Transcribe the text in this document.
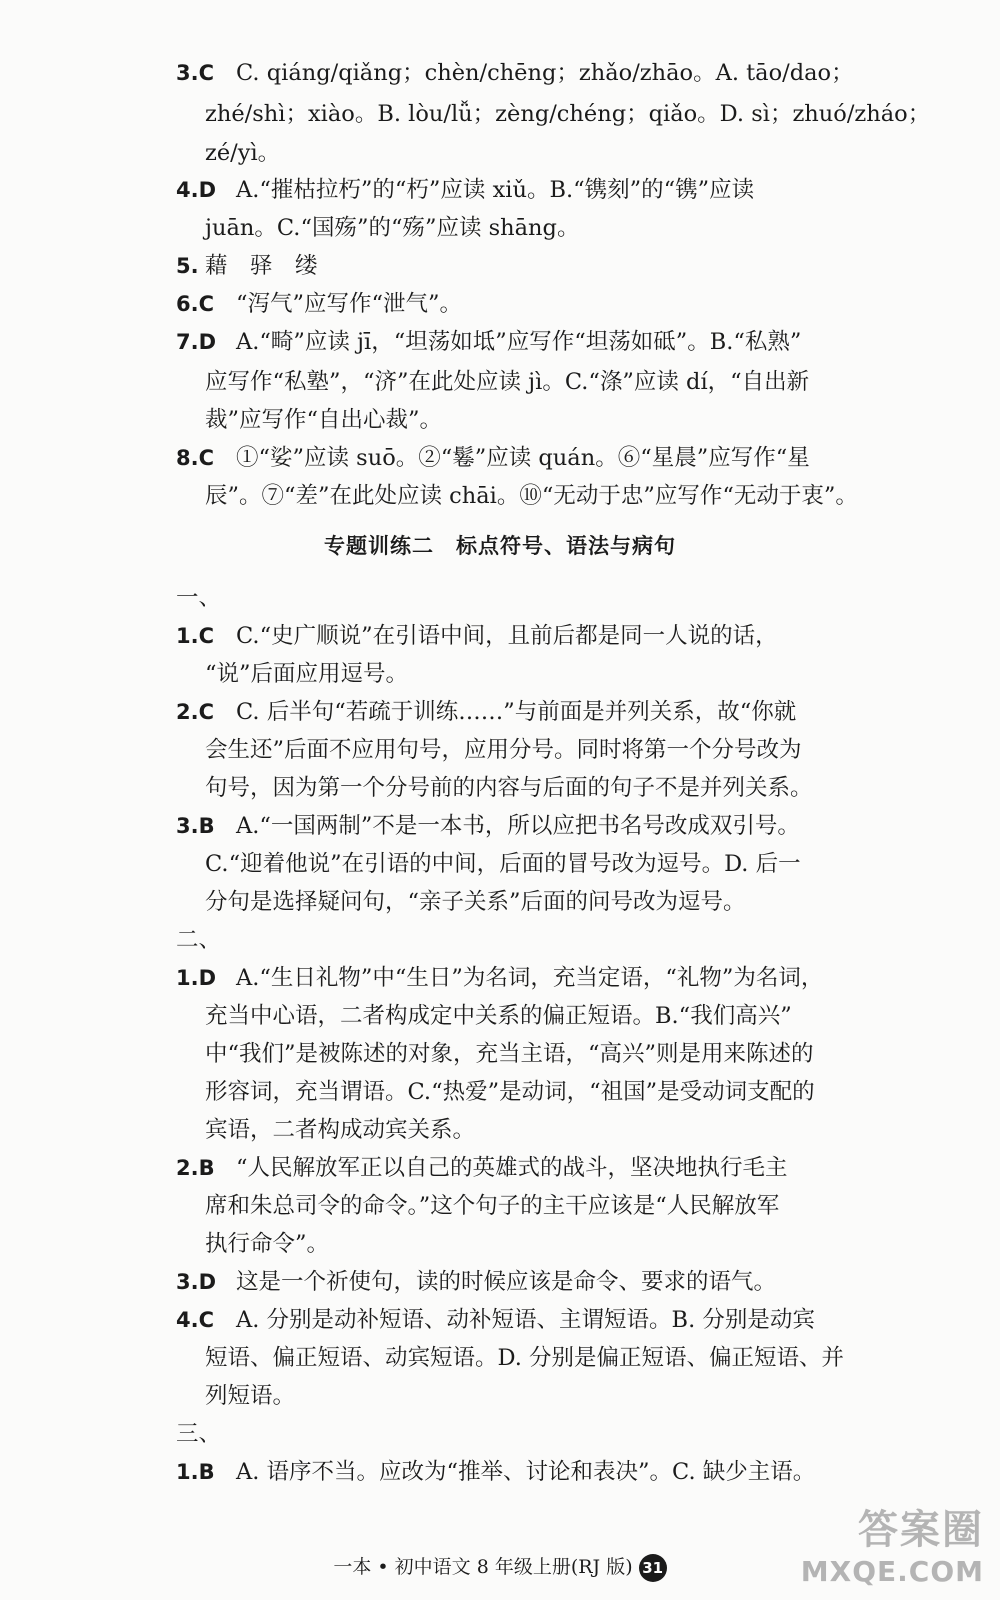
3.C C. qiáng/qiǎng；chèn/chēng；zhǎo/zhāo。A. tāo/dao；
zhé/shì；xiào。B. lòu/lǚ；zèng/chéng；qiǎo。D. sì；zhuó/zháo；
zé/yì。
4.D A.“摧枯拉朽”的“朽”应读 xiǔ。B.“镌刻”的“镌”应读
juān。C.“国殇”的“殇”应读 shāng。
5. 藉　驿　缕
6.C “泻气”应写作“泄气”。
7.D A.“畸”应读 jī，“坦荡如坻”应写作“坦荡如砥”。B.“私熟”
应写作“私塾”，“济”在此处应读 jì。C.“涤”应读 dí，“自出新
裁”应写作“自出心裁”。
8.C ①“娑”应读 suō。②“鬈”应读 quán。⑥“星晨”应写作“星
辰”。⑦“差”在此处应读 chāi。⑩“无动于忠”应写作“无动于衷”。
专题训练二　标点符号、语法与病句
一、
1.C C.“史广顺说”在引语中间，且前后都是同一人说的话，
“说”后面应用逗号。
2.C C. 后半句“若疏于训练……”与前面是并列关系，故“你就
会生还”后面不应用句号，应用分号。同时将第一个分号改为
句号，因为第一个分号前的内容与后面的句子不是并列关系。
3.B A.“一国两制”不是一本书，所以应把书名号改成双引号。
C.“迎着他说”在引语的中间，后面的冒号改为逗号。D. 后一
分句是选择疑问句，“亲子关系”后面的问号改为逗号。
二、
1.D A.“生日礼物”中“生日”为名词，充当定语，“礼物”为名词，
充当中心语，二者构成定中关系的偏正短语。B.“我们高兴”
中“我们”是被陈述的对象，充当主语，“高兴”则是用来陈述的
形容词，充当谓语。C.“热爱”是动词，“祖国”是受动词支配的
宾语，二者构成动宾关系。
2.B “人民解放军正以自己的英雄式的战斗，坚决地执行毛主
席和朱总司令的命令。”这个句子的主干应该是“人民解放军
执行命令”。
3.D 这是一个祈使句，读的时候应该是命令、要求的语气。
4.C A. 分别是动补短语、动补短语、主谓短语。B. 分别是动宾
短语、偏正短语、动宾短语。D. 分别是偏正短语、偏正短语、并
列短语。
三、
1.B A. 语序不当。应改为“推举、讨论和表决”。C. 缺少主语。
一本 • 初中语文 8 年级上册(RJ 版) 31
答案圈
MXQE.COM
